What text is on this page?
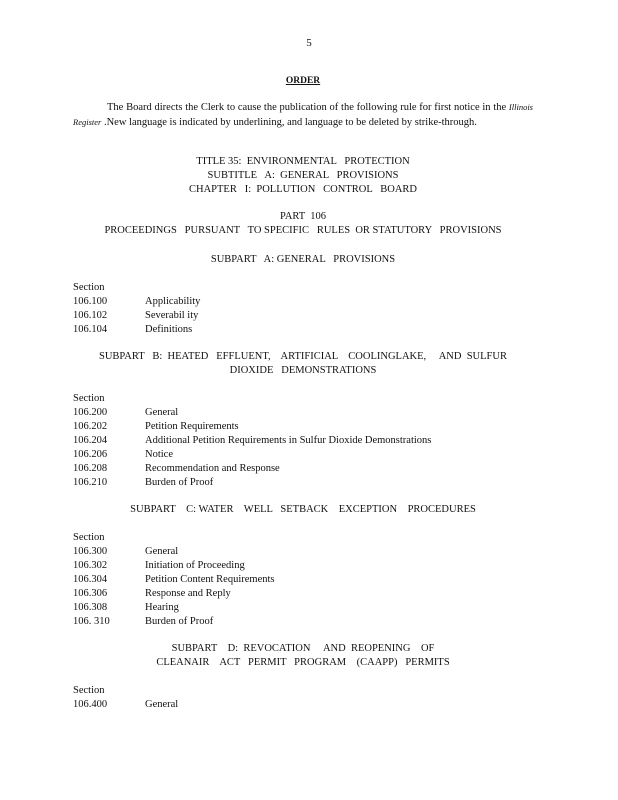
5
ORDER
The Board directs the Clerk to cause the publication of the following rule for first notice in the Illinois Register .New language is indicated by underlining, and language to be deleted by strike-through.
TITLE 35:  ENVIRONMENTAL   PROTECTION
SUBTITLE   A:  GENERAL   PROVISIONS
CHAPTER   I:  POLLUTION   CONTROL   BOARD
PART  106
PROCEEDINGS   PURSUANT   TO SPECIFIC   RULES  OR STATUTORY   PROVISIONS
SUBPART   A: GENERAL   PROVISIONS
Section
106.100	Applicability
106.102	Severabil ity
106.104	Definitions
SUBPART   B:  HEATED   EFFLUENT,    ARTIFICIAL    COOLINGLAKE,     AND  SULFUR
DIOXIDE   DEMONSTRATIONS
Section
106.200	General
106.202	Petition Requirements
106.204	Additional Petition Requirements in Sulfur Dioxide Demonstrations
106.206	Notice
106.208	Recommendation and Response
106.210	Burden of Proof
SUBPART    C: WATER    WELL   SETBACK    EXCEPTION    PROCEDURES
Section
106.300	General
106.302	Initiation of Proceeding
106.304	Petition Content Requirements
106.306	Response and Reply
106.308	Hearing
106. 310	Burden of Proof
SUBPART    D:  REVOCATION     AND  REOPENING    OF
CLEANAIR    ACT   PERMIT   PROGRAM    (CAAPP)   PERMITS
Section
106.400	General
